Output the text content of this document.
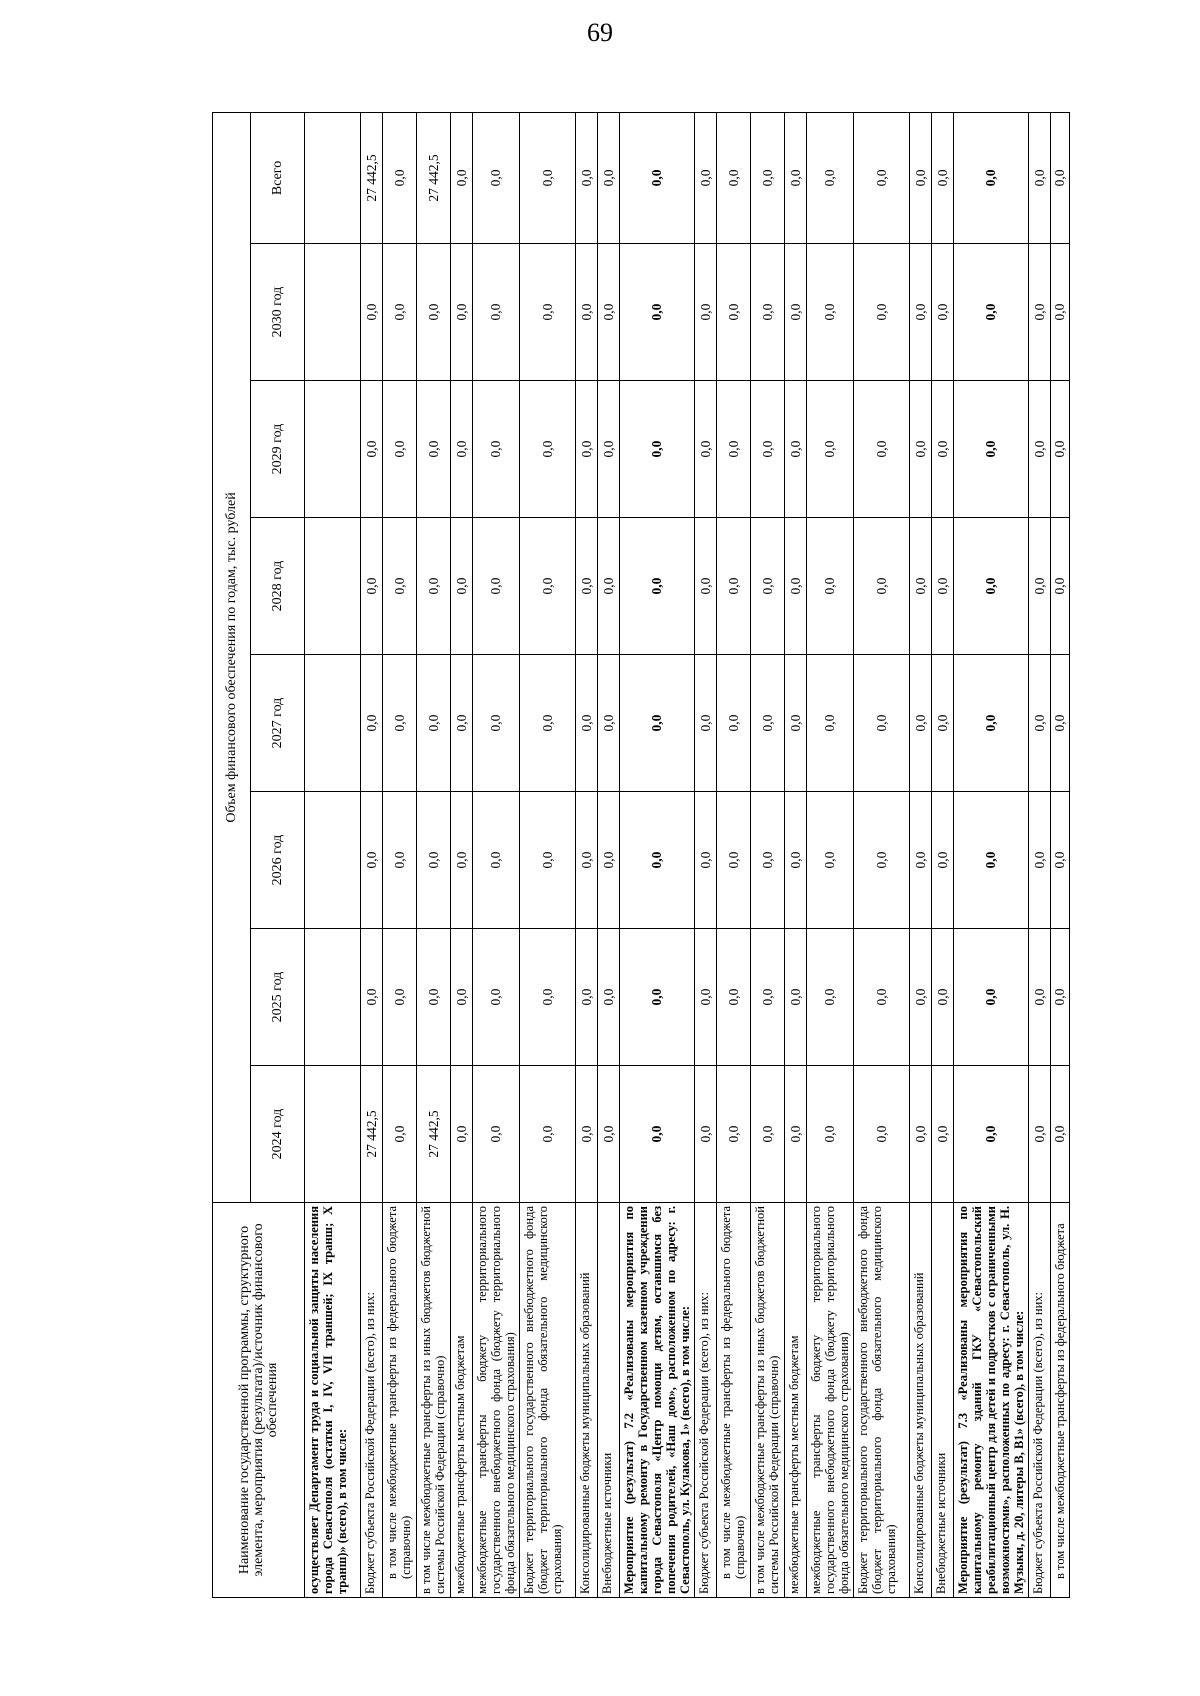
69
Наименование государственной программы, структурного элемента, мероприятия (результата)/источник финансового обеспечения	Объем финансового обеспечения по годам, тыс. рублей							
	2024 год	2025 год	2026 год	2027 год	2028 год	2029 год	2030 год	Всего
осуществляет Департамент труда и социальной защиты населения города Севастополя (остатки I, IV, VII траншей; IX транш; X транш)» (всего), в том числе:								
Бюджет субъекта Российской Федерации (всего), из них:	27 442,5	0,0	0,0	0,0	0,0	0,0	0,0	27 442,5
в том числе межбюджетные трансферты из федерального бюджета (справочно)	0,0	0,0	0,0	0,0	0,0	0,0	0,0	0,0
в том числе межбюджетные трансферты из иных бюджетов бюджетной системы Российской Федерации (справочно)	27 442,5	0,0	0,0	0,0	0,0	0,0	0,0	27 442,5
межбюджетные трансферты местным бюджетам	0,0	0,0	0,0	0,0	0,0	0,0	0,0	0,0
межбюджетные трансферты бюджету территориального государственного внебюджетного фонда (бюджету территориального фонда обязательного медицинского страхования)	0,0	0,0	0,0	0,0	0,0	0,0	0,0	0,0
Бюджет территориального государственного внебюджетного фонда (бюджет территориального фонда обязательного медицинского страхования)	0,0	0,0	0,0	0,0	0,0	0,0	0,0	0,0
Консолидированные бюджеты муниципальных образований	0,0	0,0	0,0	0,0	0,0	0,0	0,0	0,0
Внебюджетные источники	0,0	0,0	0,0	0,0	0,0	0,0	0,0	0,0
Мероприятие (результат) 7.2 «Реализованы мероприятия по капитальному ремонту в Государственном казенном учреждении города Севастополя «Центр помощи детям, оставшимся без попечения родителей, «Наш дом», расположенном по адресу: г. Севастополь, ул. Кулакова, 1» (всего), в том числе:	0,0	0,0	0,0	0,0	0,0	0,0	0,0	0,0
Бюджет субъекта Российской Федерации (всего), из них:	0,0	0,0	0,0	0,0	0,0	0,0	0,0	0,0
в том числе межбюджетные трансферты из федерального бюджета (справочно)	0,0	0,0	0,0	0,0	0,0	0,0	0,0	0,0
в том числе межбюджетные трансферты из иных бюджетов бюджетной системы Российской Федерации (справочно)	0,0	0,0	0,0	0,0	0,0	0,0	0,0	0,0
межбюджетные трансферты местным бюджетам	0,0	0,0	0,0	0,0	0,0	0,0	0,0	0,0
межбюджетные трансферты бюджету территориального государственного внебюджетного фонда (бюджету территориального фонда обязательного медицинского страхования)	0,0	0,0	0,0	0,0	0,0	0,0	0,0	0,0
Бюджет территориального государственного внебюджетного фонда (бюджет территориального фонда обязательного медицинского страхования)	0,0	0,0	0,0	0,0	0,0	0,0	0,0	0,0
Консолидированные бюджеты муниципальных образований	0,0	0,0	0,0	0,0	0,0	0,0	0,0	0,0
Внебюджетные источники	0,0	0,0	0,0	0,0	0,0	0,0	0,0	0,0
Мероприятие (результат) 7.3 «Реализованы мероприятия по капитальному ремонту зданий ГКУ «Севастопольский реабилитационный центр для детей и подростков с ограниченными возможностями», расположенных по адресу: г. Севастополь, ул. Н. Музыки, д. 20, литеры В, В1» (всего), в том числе:	0,0	0,0	0,0	0,0	0,0	0,0	0,0	0,0
Бюджет субъекта Российской Федерации (всего), из них:	0,0	0,0	0,0	0,0	0,0	0,0	0,0	0,0
в том числе межбюджетные трансферты из федерального бюджета	0,0	0,0	0,0	0,0	0,0	0,0	0,0	0,0
